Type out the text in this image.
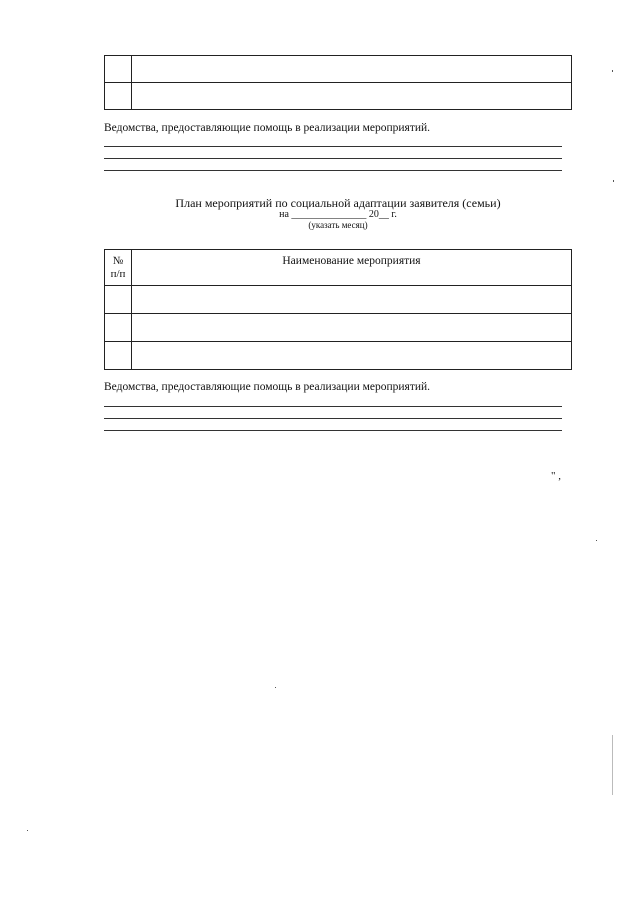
Ведомства, предоставляющие помощь в реализации мероприятий.
План мероприятий по социальной адаптации заявителя (семьи)
на _______________ 20__ г.
(указать месяц)
№
п/п	Наименование мероприятия

Ведомства, предоставляющие помощь в реализации мероприятий.
" ,
